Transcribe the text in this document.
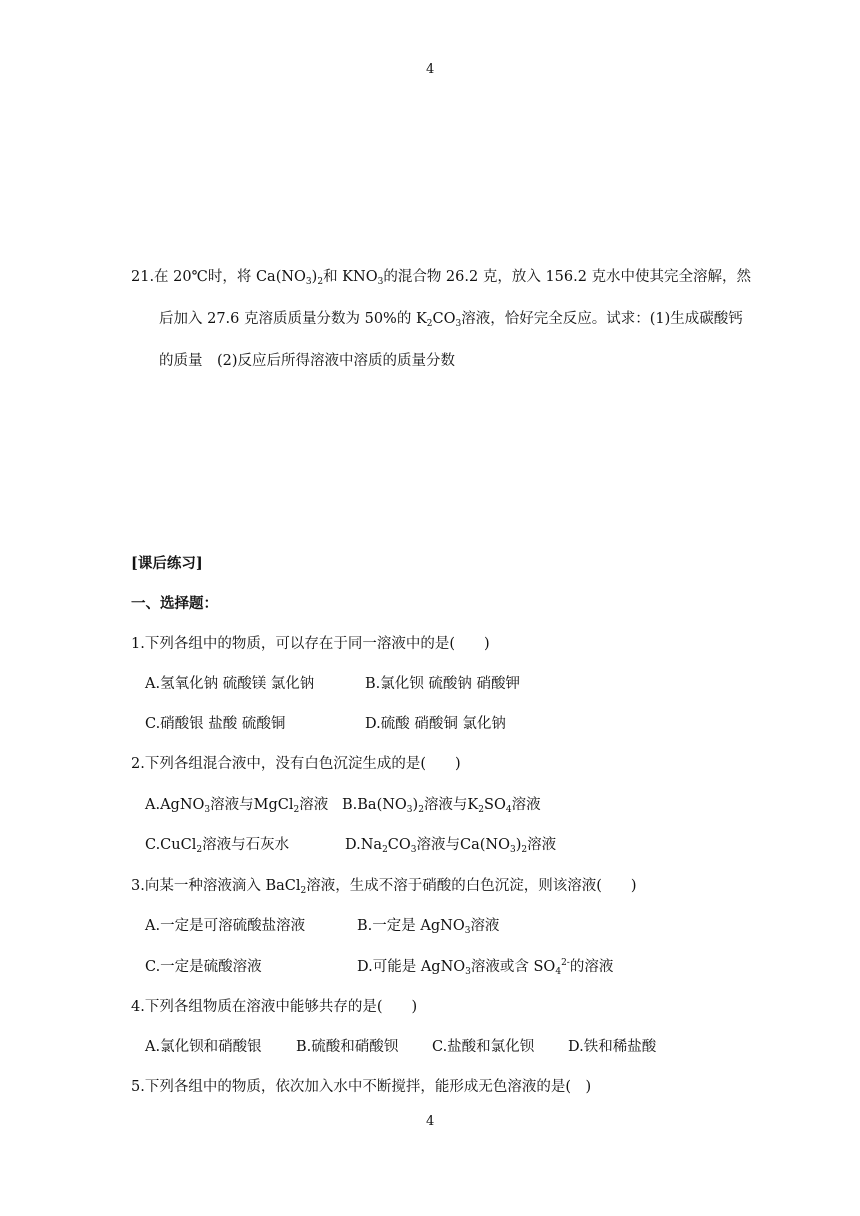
4
21.在 20℃时，将 $Ca(NO_3)_2$和 $KNO_3$的混合物 26.2 克，放入 156.2 克水中使其完全溶解，然
后加入 27.6 克溶质质量分数为 50%的 $K_2CO_3$溶液，恰好完全反应。试求：(1)生成碳酸钙
的质量　(2)反应后所得溶液中溶质的质量分数
[课后练习]
一、选择题：
1.下列各组中的物质，可以存在于同一溶液中的是(　　)
A.氢氧化钠 硫酸镁 氯化钠	B.氯化钡 硫酸钠 硝酸钾
C.硝酸银 盐酸 硫酸铜	D.硫酸 硝酸铜 氯化钠
2.下列各组混合液中，没有白色沉淀生成的是(　　)
A.AgNO$_3$溶液与MgCl$_2$溶液 $B.Ba(NO_3)_2$溶液与$K_2SO_4$溶液
C.CuCl$_2$溶液与石灰水	$D.Na_2CO_3$溶液与$Ca(NO_3)_2$溶液
3.向某一种溶液滴入 BaCl$_2$溶液，生成不溶于硝酸的白色沉淀，则该溶液(　　)
A.一定是可溶硫酸盐溶液	B.一定是 AgNO$_3$溶液
C.一定是硫酸溶液	D.可能是 AgNO$_3$溶液或含 $SO_4^{2-}$的溶液
4.下列各组物质在溶液中能够共存的是(　　)
A.氯化钡和硝酸银 B.硫酸和硝酸钡 C.盐酸和氯化钡 D.铁和稀盐酸
5.下列各组中的物质，依次加入水中不断搅拌，能形成无色溶液的是(　)
4
